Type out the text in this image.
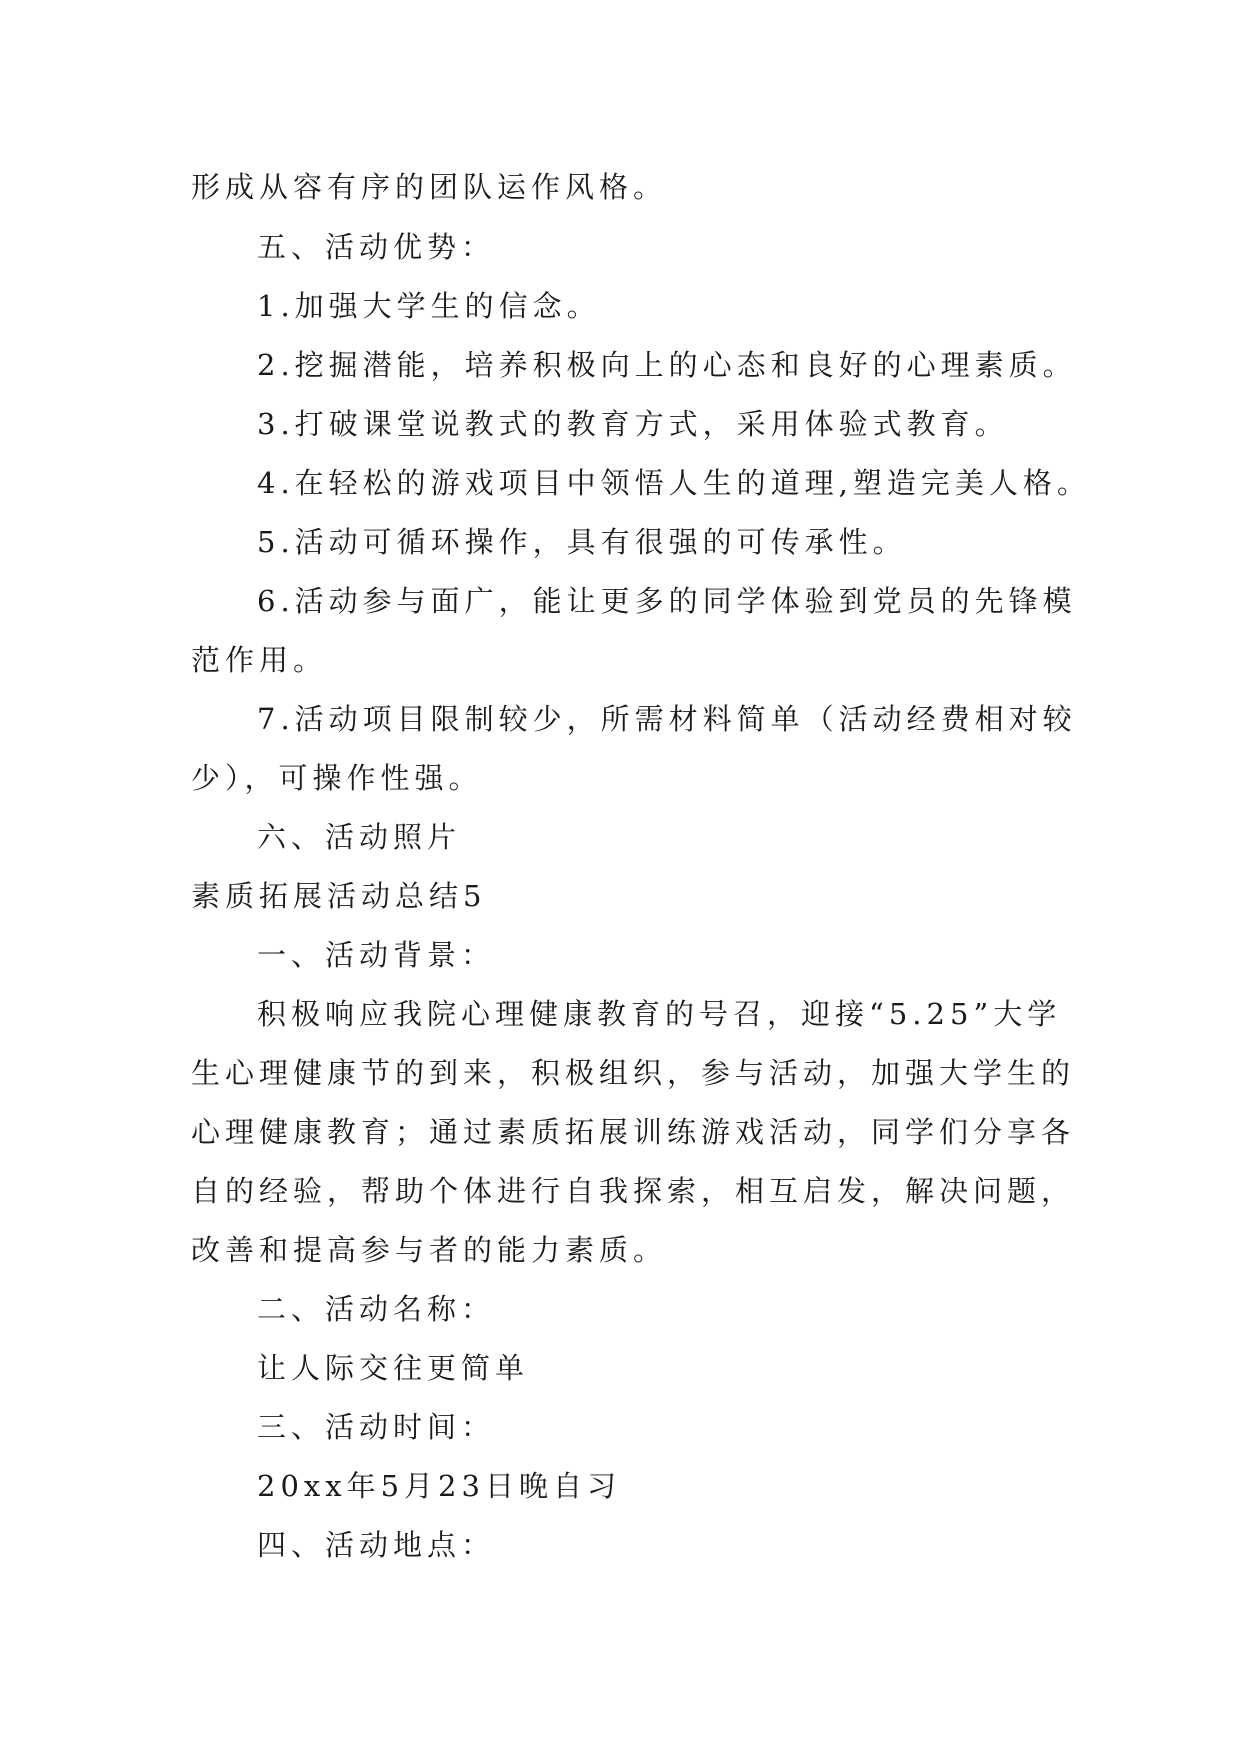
形成从容有序的团队运作风格。
五、活动优势：
1.加强大学生的信念。
2.挖掘潜能，培养积极向上的心态和良好的心理素质。
3.打破课堂说教式的教育方式，采用体验式教育。
4.在轻松的游戏项目中领悟人生的道理,塑造完美人格。
5.活动可循环操作，具有很强的可传承性。
6.活动参与面广，能让更多的同学体验到党员的先锋模
范作用。
7.活动项目限制较少，所需材料简单（活动经费相对较
少），可操作性强。
六、活动照片
素质拓展活动总结5
一、活动背景：
积极响应我院心理健康教育的号召，迎接“5.25”大学
生心理健康节的到来，积极组织，参与活动，加强大学生的
心理健康教育；通过素质拓展训练游戏活动，同学们分享各
自的经验，帮助个体进行自我探索，相互启发，解决问题，
改善和提高参与者的能力素质。
二、活动名称：
让人际交往更简单
三、活动时间：
20xx年5月23日晚自习
四、活动地点：
